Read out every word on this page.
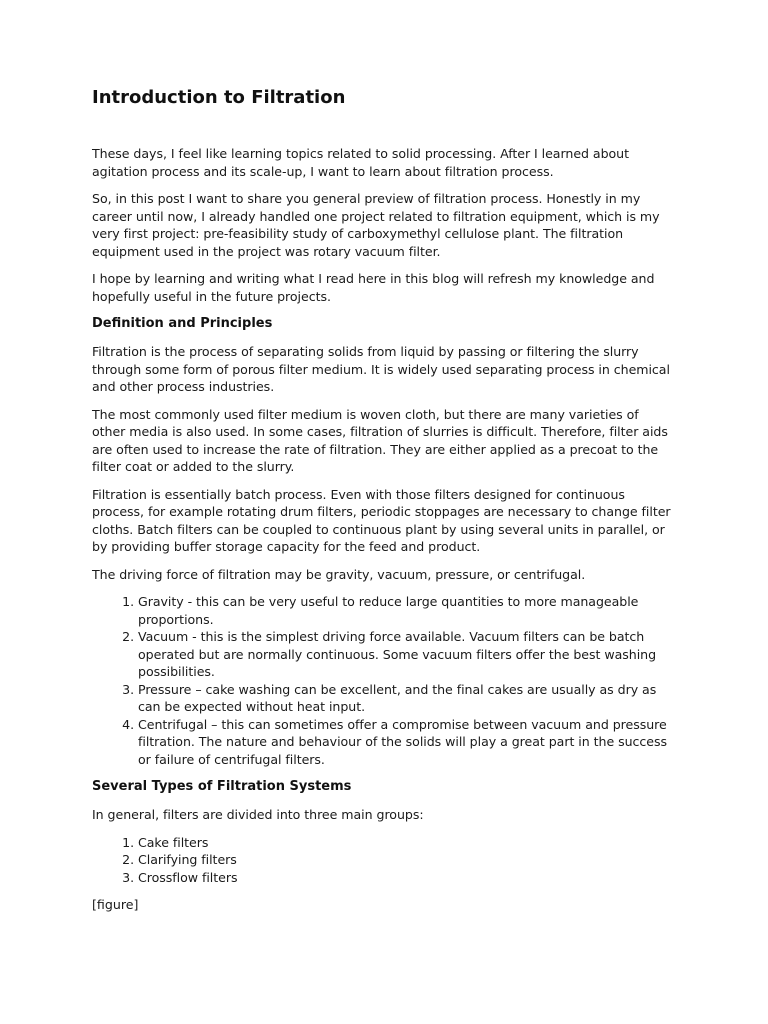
Introduction to Filtration

These days, I feel like learning topics related to solid processing. After I learned about agitation process and its scale-up, I want to learn about filtration process.

So, in this post I want to share you general preview of filtration process. Honestly in my career until now, I already handled one project related to filtration equipment, which is my very first project: pre-feasibility study of carboxymethyl cellulose plant. The filtration equipment used in the project was rotary vacuum filter.

I hope by learning and writing what I read here in this blog will refresh my knowledge and hopefully useful in the future projects.

Definition and Principles

Filtration is the process of separating solids from liquid by passing or filtering the slurry through some form of porous filter medium. It is widely used separating process in chemical and other process industries.

The most commonly used filter medium is woven cloth, but there are many varieties of other media is also used. In some cases, filtration of slurries is difficult. Therefore, filter aids are often used to increase the rate of filtration. They are either applied as a precoat to the filter coat or added to the slurry.

Filtration is essentially batch process. Even with those filters designed for continuous process, for example rotating drum filters, periodic stoppages are necessary to change filter cloths. Batch filters can be coupled to continuous plant by using several units in parallel, or by providing buffer storage capacity for the feed and product.

The driving force of filtration may be gravity, vacuum, pressure, or centrifugal.

1. Gravity - this can be very useful to reduce large quantities to more manageable proportions.
2. Vacuum - this is the simplest driving force available. Vacuum filters can be batch operated but are normally continuous. Some vacuum filters offer the best washing possibilities.
3. Pressure – cake washing can be excellent, and the final cakes are usually as dry as can be expected without heat input.
4. Centrifugal – this can sometimes offer a compromise between vacuum and pressure filtration. The nature and behaviour of the solids will play a great part in the success or failure of centrifugal filters.
Several Types of Filtration Systems

In general, filters are divided into three main groups:

1. Cake filters
2. Clarifying filters
3. Crossflow filters
[figure]
